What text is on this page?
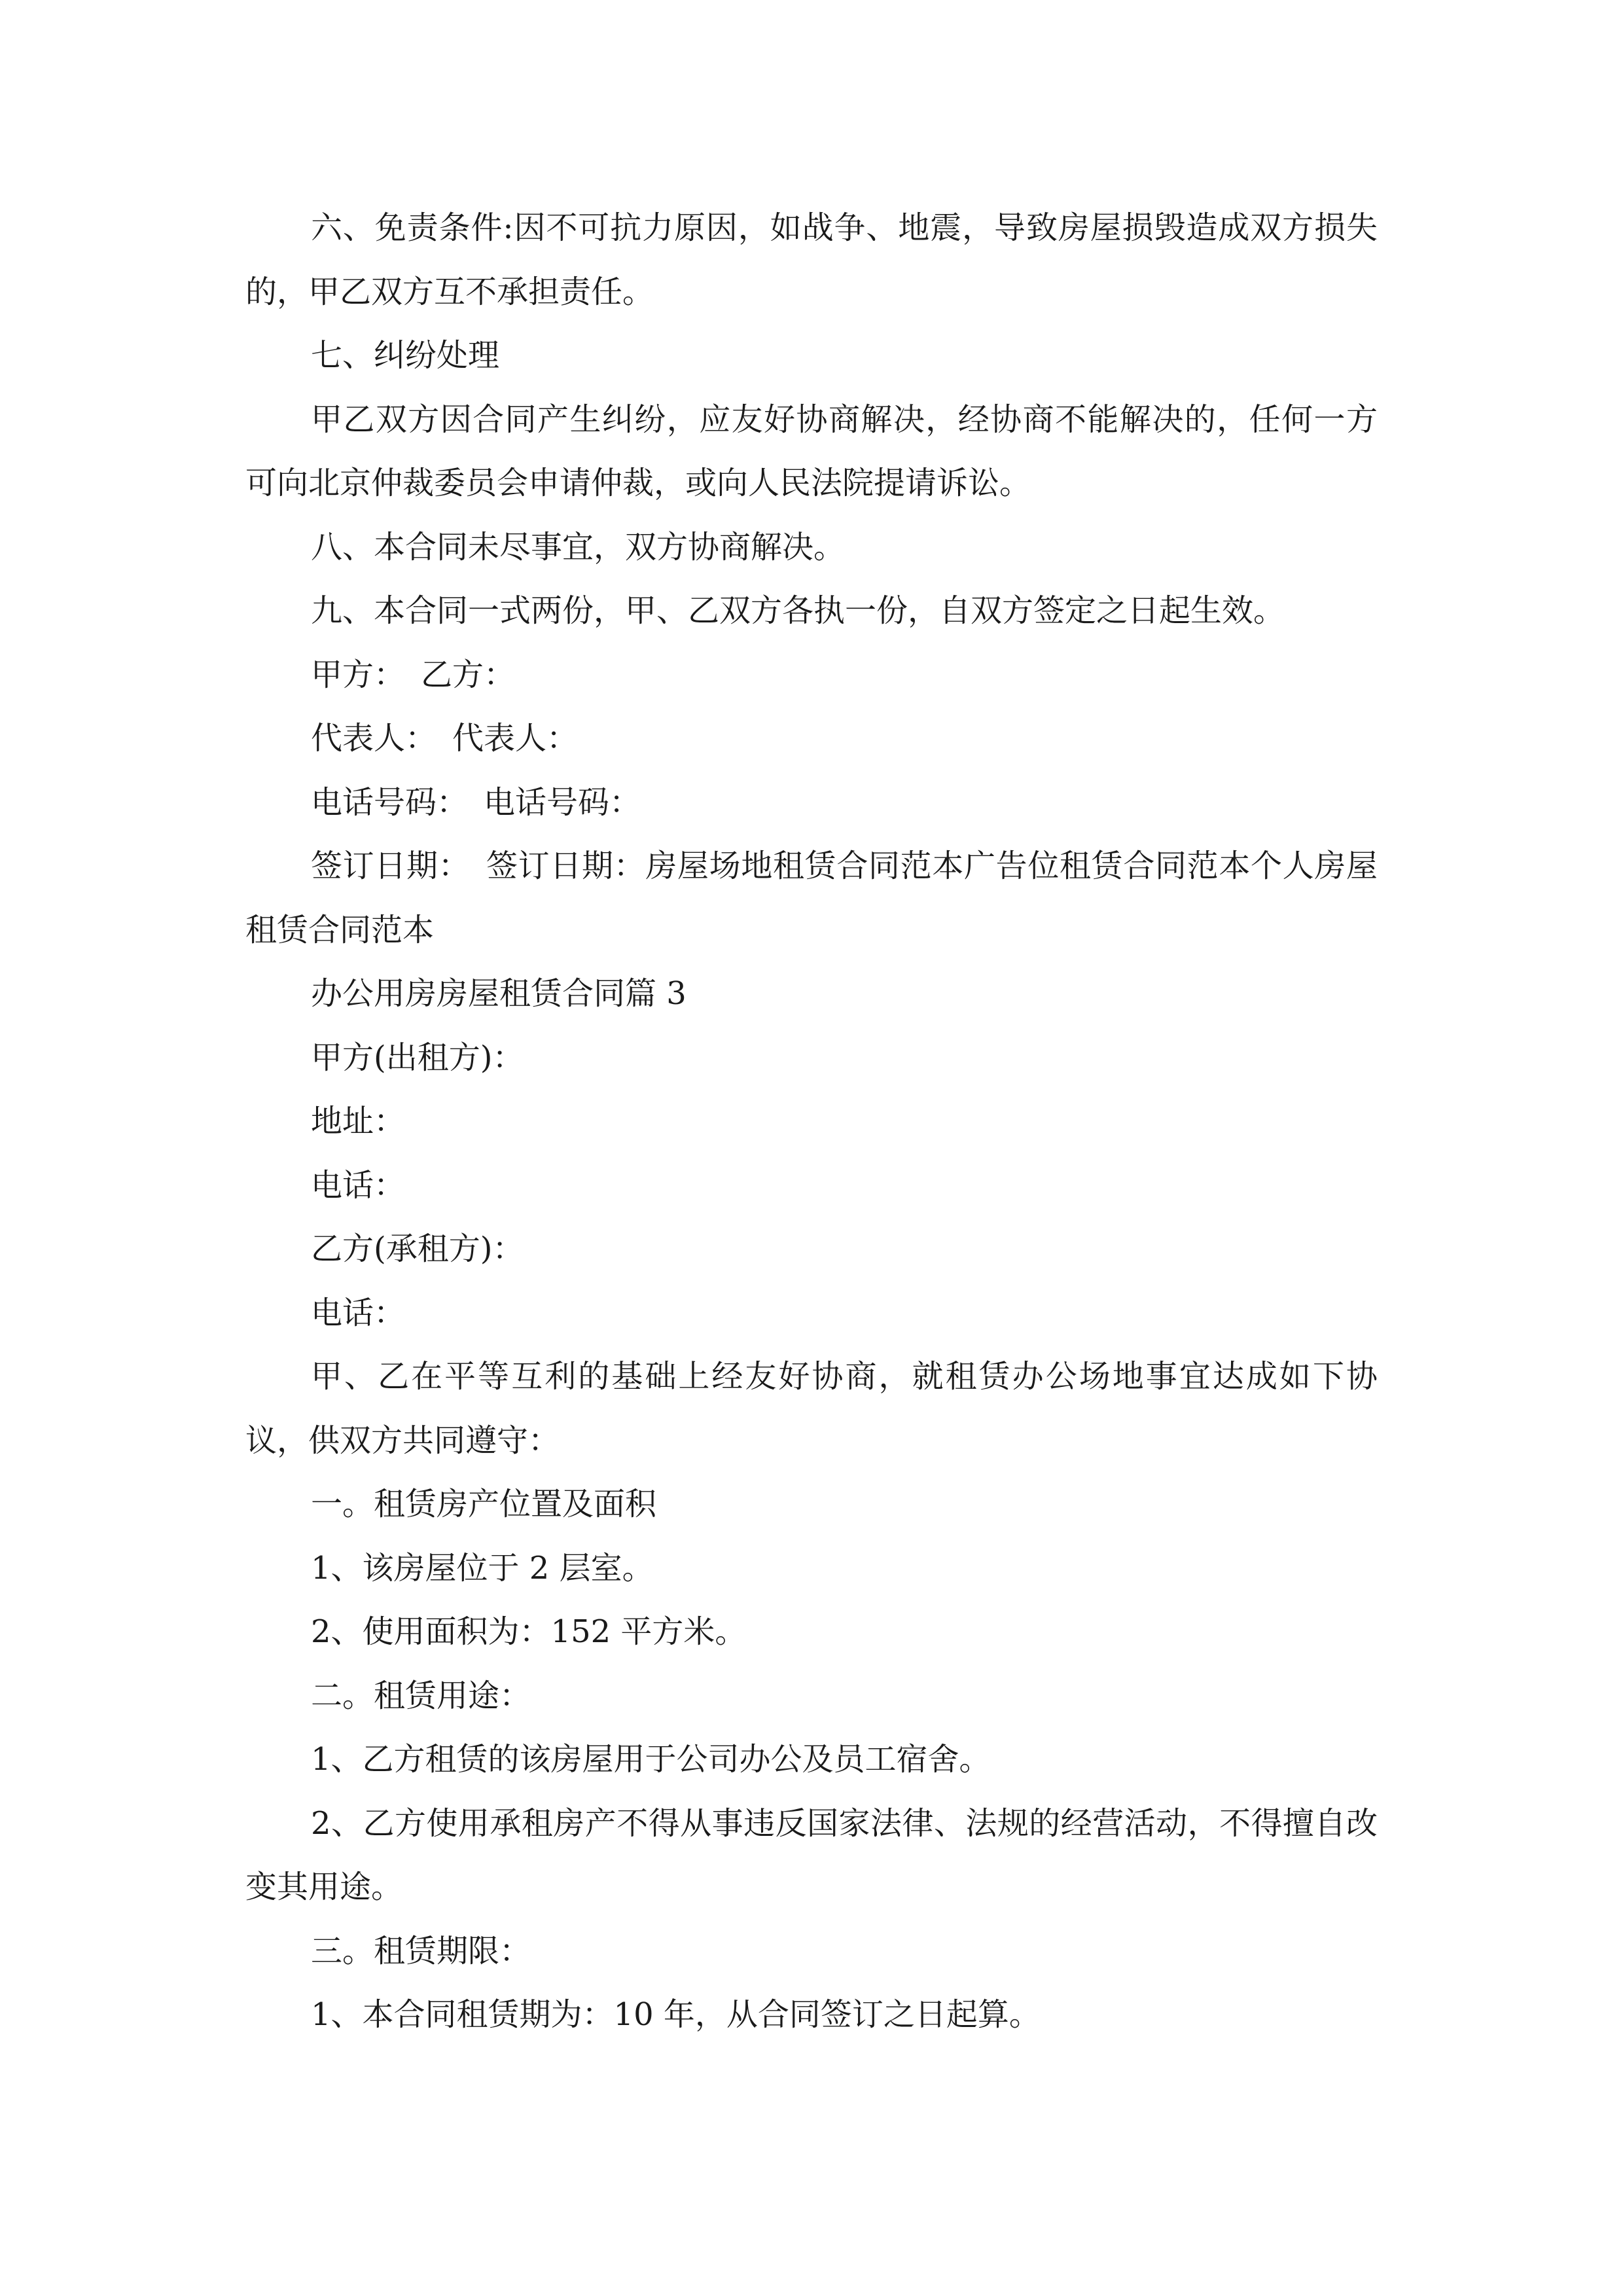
六、免责条件:因不可抗力原因，如战争、地震，导致房屋损毁造成双方损失的，甲乙双方互不承担责任。

七、纠纷处理

甲乙双方因合同产生纠纷，应友好协商解决，经协商不能解决的，任何一方可向北京仲裁委员会申请仲裁，或向人民法院提请诉讼。

八、本合同未尽事宜，双方协商解决。

九、本合同一式两份，甲、乙双方各执一份，自双方签定之日起生效。

甲方：　乙方：

代表人：　代表人：

电话号码：　电话号码：

签订日期：　签订日期：房屋场地租赁合同范本广告位租赁合同范本个人房屋租赁合同范本

办公用房房屋租赁合同篇 3

甲方(出租方)：

地址：

电话：

乙方(承租方)：

电话：

甲、乙在平等互利的基础上经友好协商，就租赁办公场地事宜达成如下协议，供双方共同遵守：

一。租赁房产位置及面积

1、该房屋位于 2 层室。

2、使用面积为：152 平方米。

二。租赁用途：

1、乙方租赁的该房屋用于公司办公及员工宿舍。

2、乙方使用承租房产不得从事违反国家法律、法规的经营活动，不得擅自改变其用途。

三。租赁期限：

1、本合同租赁期为：10 年，从合同签订之日起算。
